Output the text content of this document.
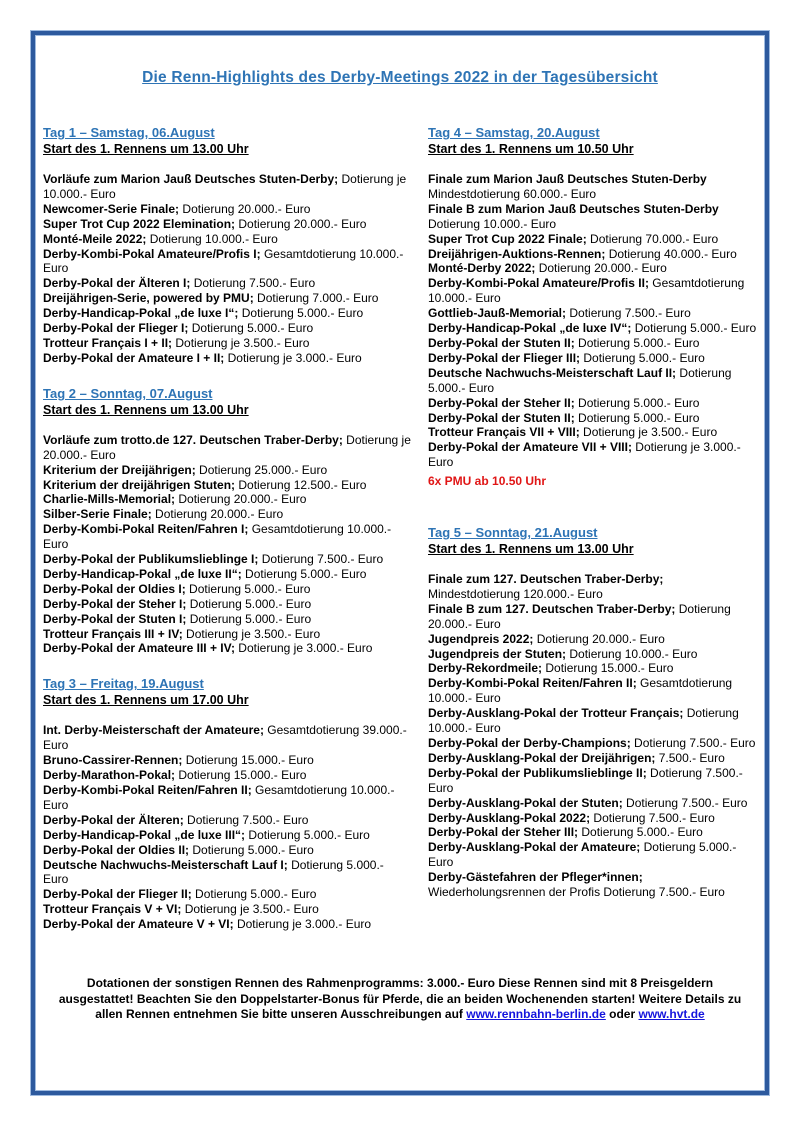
Die Renn-Highlights des Derby-Meetings 2022 in der Tagesübersicht
Tag 1 – Samstag, 06.August
Start des 1. Rennens um 13.00 Uhr

Vorläufe zum Marion Jauß Deutsches Stuten-Derby; Dotierung je 10.000.- Euro

Newcomer-Serie Finale; Dotierung 20.000.- Euro

Super Trot Cup 2022 Elemination; Dotierung 20.000.- Euro

Monté-Meile 2022; Dotierung 10.000.- Euro

Derby-Kombi-Pokal Amateure/Profis I; Gesamtdotierung 10.000.- Euro

Derby-Pokal der Älteren I; Dotierung 7.500.- Euro

Dreijährigen-Serie, powered by PMU; Dotierung 7.000.- Euro

Derby-Handicap-Pokal „de luxe I“; Dotierung 5.000.- Euro

Derby-Pokal der Flieger I; Dotierung 5.000.- Euro

Trotteur Français I + II; Dotierung je 3.500.- Euro

Derby-Pokal der Amateure I + II; Dotierung je 3.000.- Euro

Tag 2 – Sonntag, 07.August
Start des 1. Rennens um 13.00 Uhr

Vorläufe zum trotto.de 127. Deutschen Traber-Derby; Dotierung je 20.000.- Euro

Kriterium der Dreijährigen; Dotierung 25.000.- Euro

Kriterium der dreijährigen Stuten; Dotierung 12.500.- Euro

Charlie-Mills-Memorial; Dotierung 20.000.- Euro

Silber-Serie Finale; Dotierung 20.000.- Euro

Derby-Kombi-Pokal Reiten/Fahren I; Gesamtdotierung 10.000.- Euro

Derby-Pokal der Publikumslieblinge I; Dotierung 7.500.- Euro

Derby-Handicap-Pokal „de luxe II“; Dotierung 5.000.- Euro

Derby-Pokal der Oldies I; Dotierung 5.000.- Euro

Derby-Pokal der Steher I; Dotierung 5.000.- Euro

Derby-Pokal der Stuten I; Dotierung 5.000.- Euro

Trotteur Français III + IV; Dotierung je 3.500.- Euro

Derby-Pokal der Amateure III + IV; Dotierung je 3.000.- Euro

Tag 3 – Freitag, 19.August
Start des 1. Rennens um 17.00 Uhr

Int. Derby-Meisterschaft der Amateure; Gesamtdotierung 39.000.- Euro

Bruno-Cassirer-Rennen; Dotierung 15.000.- Euro

Derby-Marathon-Pokal; Dotierung 15.000.- Euro

Derby-Kombi-Pokal Reiten/Fahren II; Gesamtdotierung 10.000.- Euro

Derby-Pokal der Älteren; Dotierung 7.500.- Euro

Derby-Handicap-Pokal „de luxe III“; Dotierung 5.000.- Euro

Derby-Pokal der Oldies II; Dotierung 5.000.- Euro

Deutsche Nachwuchs-Meisterschaft Lauf I; Dotierung 5.000.- Euro

Derby-Pokal der Flieger II; Dotierung 5.000.- Euro

Trotteur Français V + VI; Dotierung je 3.500.- Euro

Derby-Pokal der Amateure V + VI; Dotierung je 3.000.- Euro

Tag 4 – Samstag, 20.August
Start des 1. Rennens um 10.50 Uhr

Finale zum Marion Jauß Deutsches Stuten-Derby Mindestdotierung 60.000.- Euro

Finale B zum Marion Jauß Deutsches Stuten-Derby Dotierung 10.000.- Euro

Super Trot Cup 2022 Finale; Dotierung 70.000.- Euro

Dreijährigen-Auktions-Rennen; Dotierung 40.000.- Euro

Monté-Derby 2022; Dotierung 20.000.- Euro

Derby-Kombi-Pokal Amateure/Profis II; Gesamtdotierung 10.000.- Euro

Gottlieb-Jauß-Memorial; Dotierung 7.500.- Euro

Derby-Handicap-Pokal „de luxe IV“; Dotierung 5.000.- Euro

Derby-Pokal der Stuten II; Dotierung 5.000.- Euro

Derby-Pokal der Flieger III; Dotierung 5.000.- Euro

Deutsche Nachwuchs-Meisterschaft Lauf II; Dotierung 5.000.- Euro

Derby-Pokal der Steher II; Dotierung 5.000.- Euro

Derby-Pokal der Stuten II; Dotierung 5.000.- Euro

Trotteur Français VII + VIII; Dotierung je 3.500.- Euro

Derby-Pokal der Amateure VII + VIII; Dotierung je 3.000.- Euro

6x PMU ab 10.50 Uhr
Tag 5 – Sonntag, 21.August
Start des 1. Rennens um 13.00 Uhr

Finale zum 127. Deutschen Traber-Derby; Mindestdotierung 120.000.- Euro

Finale B zum 127. Deutschen Traber-Derby; Dotierung 20.000.- Euro

Jugendpreis 2022; Dotierung 20.000.- Euro

Jugendpreis der Stuten; Dotierung 10.000.- Euro

Derby-Rekordmeile; Dotierung 15.000.- Euro

Derby-Kombi-Pokal Reiten/Fahren II; Gesamtdotierung 10.000.- Euro

Derby-Ausklang-Pokal der Trotteur Français; Dotierung 10.000.- Euro

Derby-Pokal der Derby-Champions; Dotierung 7.500.- Euro

Derby-Ausklang-Pokal der Dreijährigen; 7.500.- Euro

Derby-Pokal der Publikumslieblinge II; Dotierung 7.500.- Euro

Derby-Ausklang-Pokal der Stuten; Dotierung 7.500.- Euro

Derby-Ausklang-Pokal 2022; Dotierung 7.500.- Euro

Derby-Pokal der Steher III; Dotierung 5.000.- Euro

Derby-Ausklang-Pokal der Amateure; Dotierung 5.000.- Euro

Derby-Gästefahren der Pfleger*innen; Wiederholungsrennen der Profis Dotierung 7.500.- Euro

Dotationen der sonstigen Rennen des Rahmenprogramms: 3.000.- Euro Diese Rennen sind mit 8 Preisgeldern ausgestattet! Beachten Sie den Doppelstarter-Bonus für Pferde, die an beiden Wochenenden starten! Weitere Details zu allen Rennen entnehmen Sie bitte unseren Ausschreibungen auf www.rennbahn-berlin.de oder www.hvt.de
